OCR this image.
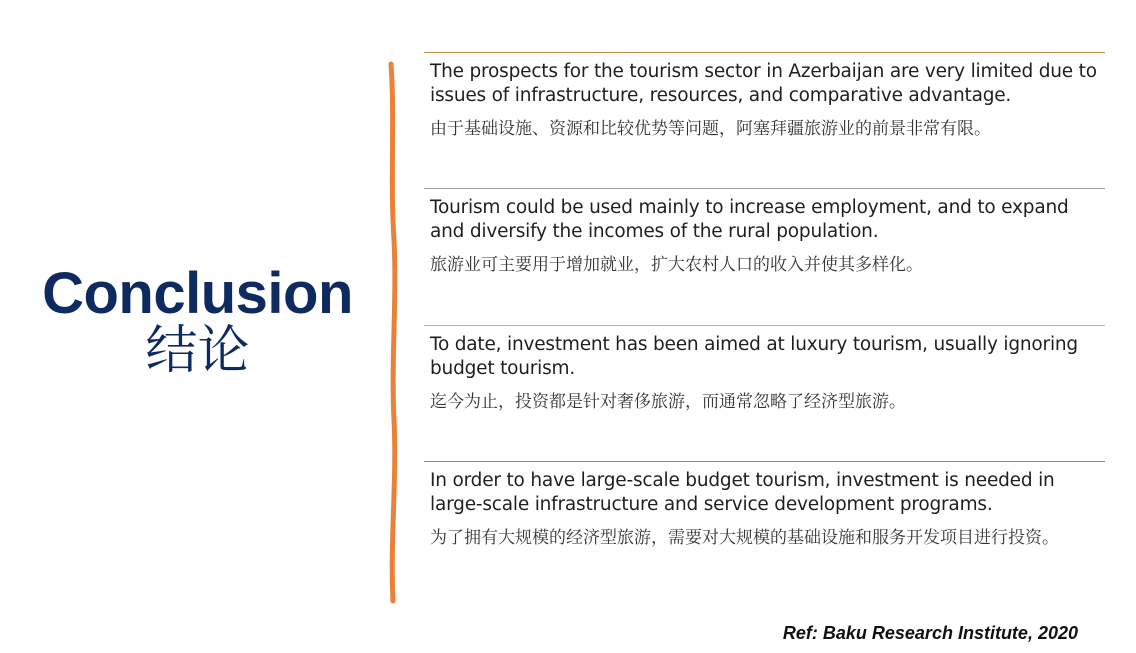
Conclusion
结论
The prospects for the tourism sector in Azerbaijan are very limited due to issues of infrastructure, resources, and comparative advantage.
由于基础设施、资源和比较优势等问题，阿塞拜疆旅游业的前景非常有限。
Tourism could be used mainly to increase employment, and to expand and diversify the incomes of the rural population.
旅游业可主要用于增加就业，扩大农村人口的收入并使其多样化。
To date, investment has been aimed at luxury tourism, usually ignoring budget tourism.
迄今为止，投资都是针对奢侈旅游，而通常忽略了经济型旅游。
In order to have large-scale budget tourism, investment is needed in large-scale infrastructure and service development programs.
为了拥有大规模的经济型旅游，需要对大规模的基础设施和服务开发项目进行投资。
Ref: Baku Research Institute, 2020
